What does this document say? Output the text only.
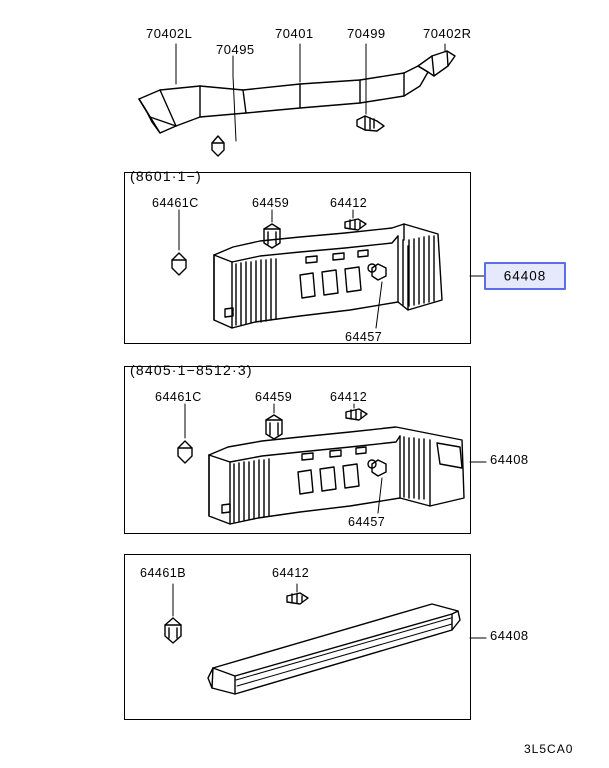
70402L
70495
70401	70499	70402R
(8601·1−)
64461C	64459	64412
64457
64408
(8405·1−8512·3)
64461C	64459	64412
64457
64408
64461B	64412
64408
3L5CA0
